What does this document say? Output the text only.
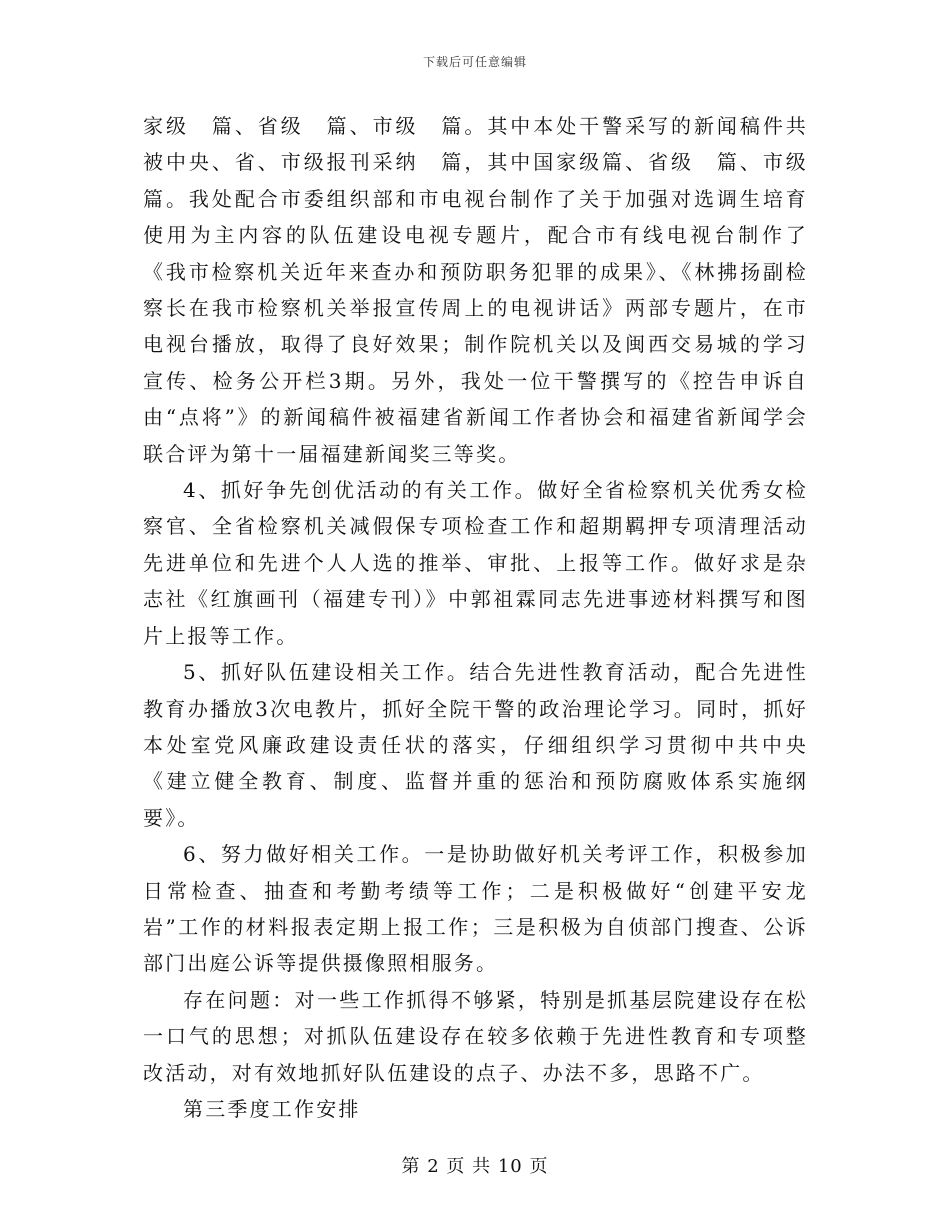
下载后可任意编辑

家级　篇、省级　篇、市级　篇。其中本处干警采写的新闻稿件共被中央、省、市级报刊采纳　篇，其中国家级篇、省级　篇、市级　篇。我处配合市委组织部和市电视台制作了关于加强对选调生培育使用为主内容的队伍建设电视专题片，配合市有线电视台制作了《我市检察机关近年来查办和预防职务犯罪的成果》、《林拂扬副检察长在我市检察机关举报宣传周上的电视讲话》两部专题片，在市电视台播放，取得了良好效果；制作院机关以及闽西交易城的学习宣传、检务公开栏3期。另外，我处一位干警撰写的《控告申诉自由“点将”》的新闻稿件被福建省新闻工作者协会和福建省新闻学会联合评为第十一届福建新闻奖三等奖。

4、抓好争先创优活动的有关工作。做好全省检察机关优秀女检察官、全省检察机关减假保专项检查工作和超期羁押专项清理活动先进单位和先进个人人选的推举、审批、上报等工作。做好求是杂志社《红旗画刊（福建专刊）》中郭祖霖同志先进事迹材料撰写和图片上报等工作。

5、抓好队伍建设相关工作。结合先进性教育活动，配合先进性教育办播放3次电教片，抓好全院干警的政治理论学习。同时，抓好本处室党风廉政建设责任状的落实，仔细组织学习贯彻中共中央《建立健全教育、制度、监督并重的惩治和预防腐败体系实施纲要》。

6、努力做好相关工作。一是协助做好机关考评工作，积极参加日常检查、抽查和考勤考绩等工作；二是积极做好“创建平安龙岩”工作的材料报表定期上报工作；三是积极为自侦部门搜查、公诉部门出庭公诉等提供摄像照相服务。

存在问题：对一些工作抓得不够紧，特别是抓基层院建设存在松一口气的思想；对抓队伍建设存在较多依赖于先进性教育和专项整改活动，对有效地抓好队伍建设的点子、办法不多，思路不广。

第三季度工作安排

第 2 页 共 10 页
